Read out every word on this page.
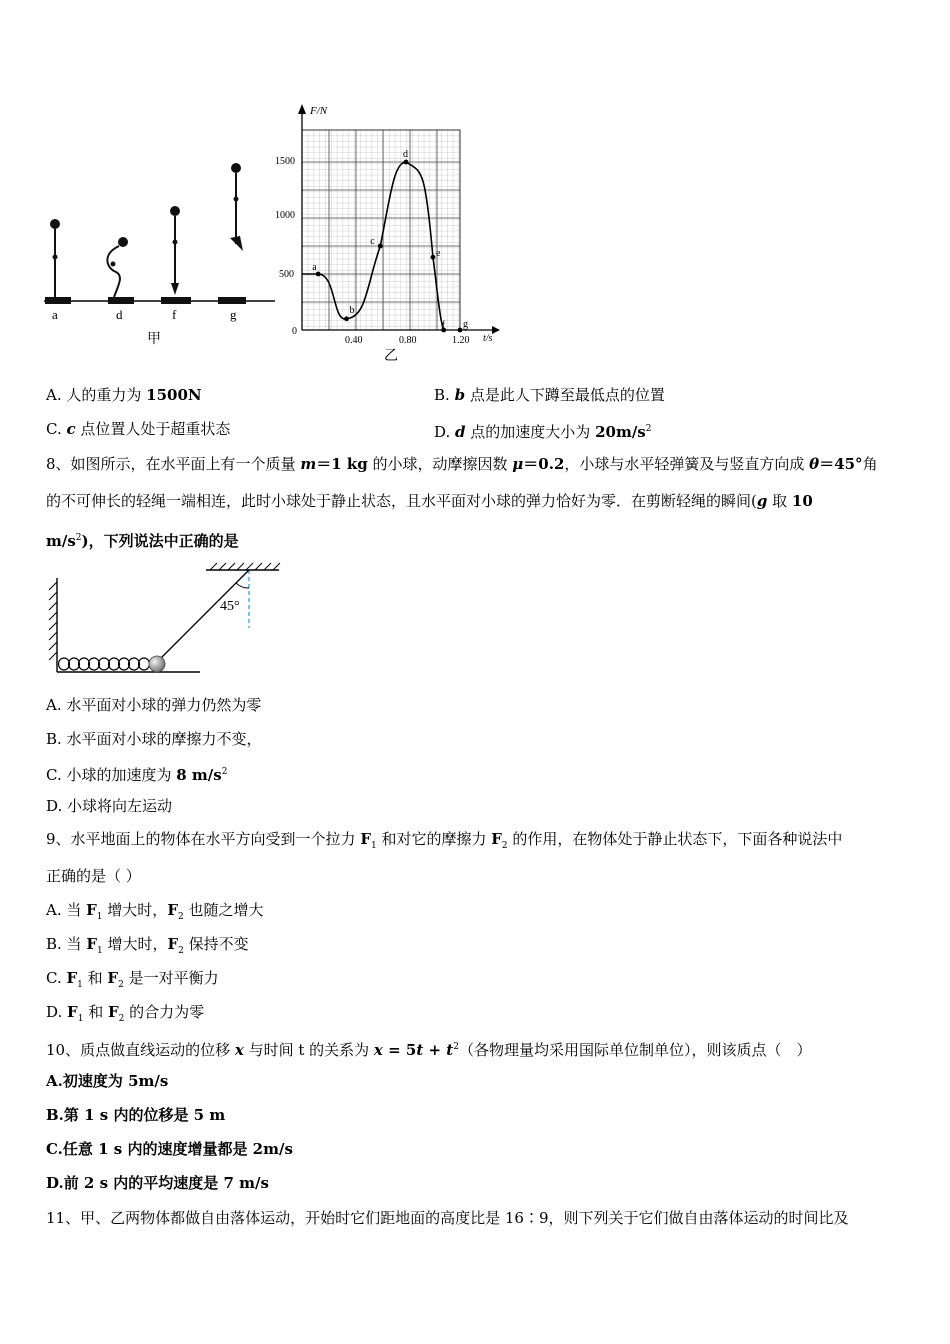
a	d	f	g
甲
F/N
t/s
0
500
1000
1500
0.40	0.80	1.20
a
b
c
d
e
f g
乙
A. 人的重力为 1500N	B. b 点是此人下蹲至最低点的位置
C. c 点位置人处于超重状态	D. d 点的加速度大小为 $20m/s^2$
8、如图所示，在水平面上有一个质量 m＝1 kg 的小球，动摩擦因数 μ＝0.2，小球与水平轻弹簧及与竖直方向成 θ＝45°角
的不可伸长的轻绳一端相连，此时小球处于静止状态，且水平面对小球的弹力恰好为零．在剪断轻绳的瞬间(g 取 10
$m/s^2$)，下列说法中正确的是
45°
A. 水平面对小球的弹力仍然为零
B. 水平面对小球的摩擦力不变，
C. 小球的加速度为 8 $m/s^2$
D. 小球将向左运动
9、水平地面上的物体在水平方向受到一个拉力 $F_1$ 和对它的摩擦力 $F_2$ 的作用，在物体处于静止状态下，下面各种说法中
正确的是（ ）
A. 当 $F_1$ 增大时，$F_2$ 也随之增大
B. 当 $F_1$ 增大时，$F_2$ 保持不变
C. $F_1$ 和 $F_2$ 是一对平衡力
D. $F_1$ 和 $F_2$ 的合力为零
10、质点做直线运动的位移 x 与时间 t 的关系为 $x = 5t + t^2$（各物理量均采用国际单位制单位），则该质点（　）
A.初速度为 5m/s
B.第 1 s 内的位移是 5 m
C.任意 1 s 内的速度增量都是 2m/s
D.前 2 s 内的平均速度是 7 m/s
11、甲、乙两物体都做自由落体运动，开始时它们距地面的高度比是 16∶9，则下列关于它们做自由落体运动的时间比及
